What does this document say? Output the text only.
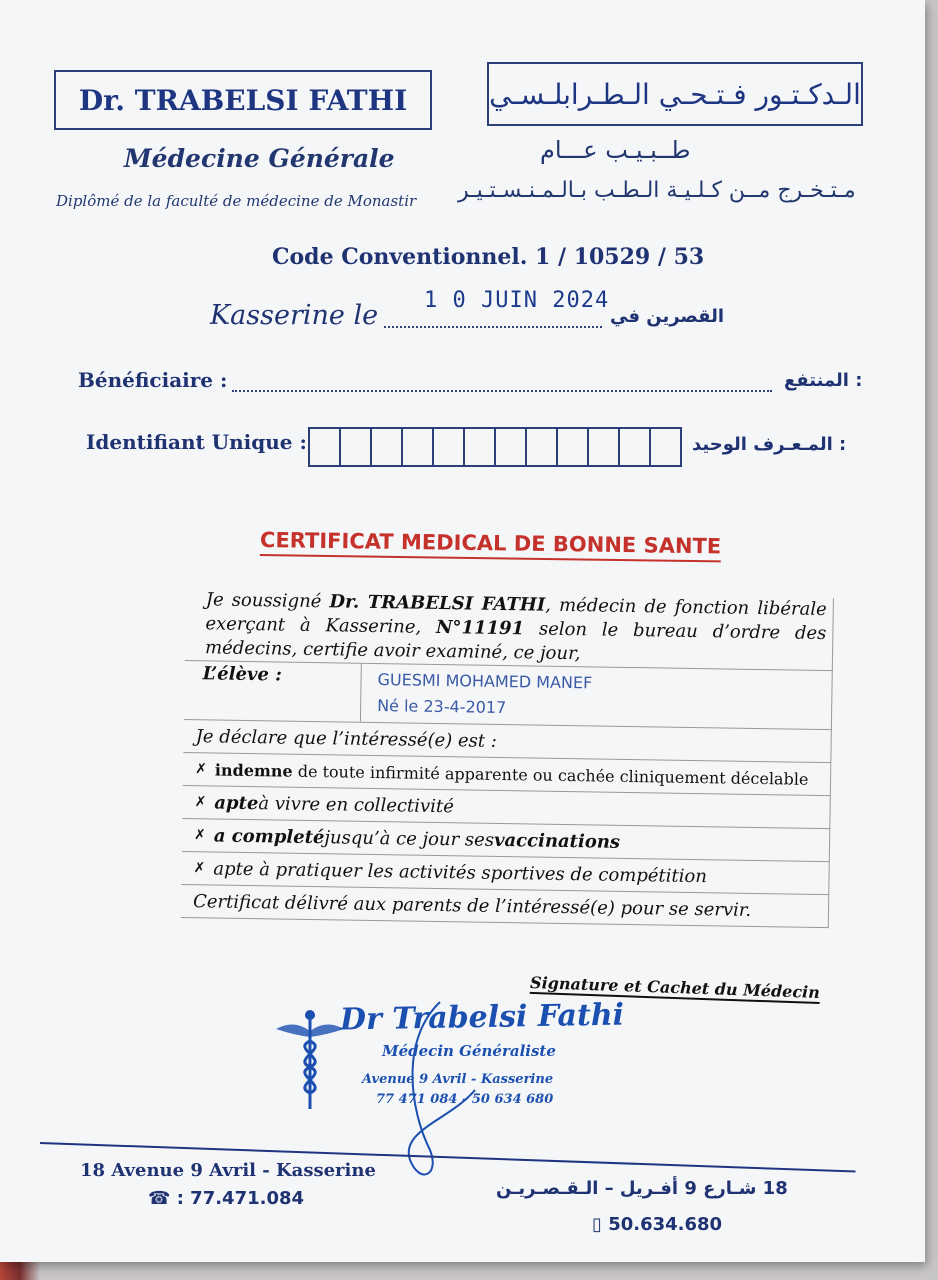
Dr. TRABELSI FATHI	الـدكـتـور فـتـحـي الـطـرابلـسـي
Médecine Générale	طــبـيـب عـــام
Diplômé de la faculté de médecine de Monastir مـتـخـرج مــن كـلـيـة الـطـب بـالـمـنـسـتـيـر
Code Conventionnel. 1 / 10529 / 53
Kasserine le 1 0 JUIN 2024
القصرين في
Bénéficiaire :	: المنتفع
Identifiant Unique :	: المـعـرف الوحيد
CERTIFICAT MEDICAL DE BONNE SANTE
Je soussigné Dr. TRABELSI FATHI, médecin de fonction libérale exerçant à Kasserine, N°11191 selon le bureau d’ordre des médecins, certifie avoir examiné, ce jour,
L’élève :	GUESMI MOHAMED MANEF
Né le 23-4-2017
Je déclare que l’intéressé(e) est :
✗ indemne de toute infirmité apparente ou cachée cliniquement décelable
✗ apte à vivre en collectivité
✗ a completé jusqu’à ce jour ses vaccinations
✗ apte à pratiquer les activités sportives de compétition
Certificat délivré aux parents de l’intéressé(e) pour se servir.
Signature et Cachet du Médecin
Dr Trabelsi Fathi
Médecin Généraliste
Avenue 9 Avril - Kasserine
77 471 084 - 50 634 680
18 Avenue 9 Avril - Kasserine
☎ : 77.471.084	18 شـارع 9 أفـريل – الـقـصـريـن
▯ 50.634.680
